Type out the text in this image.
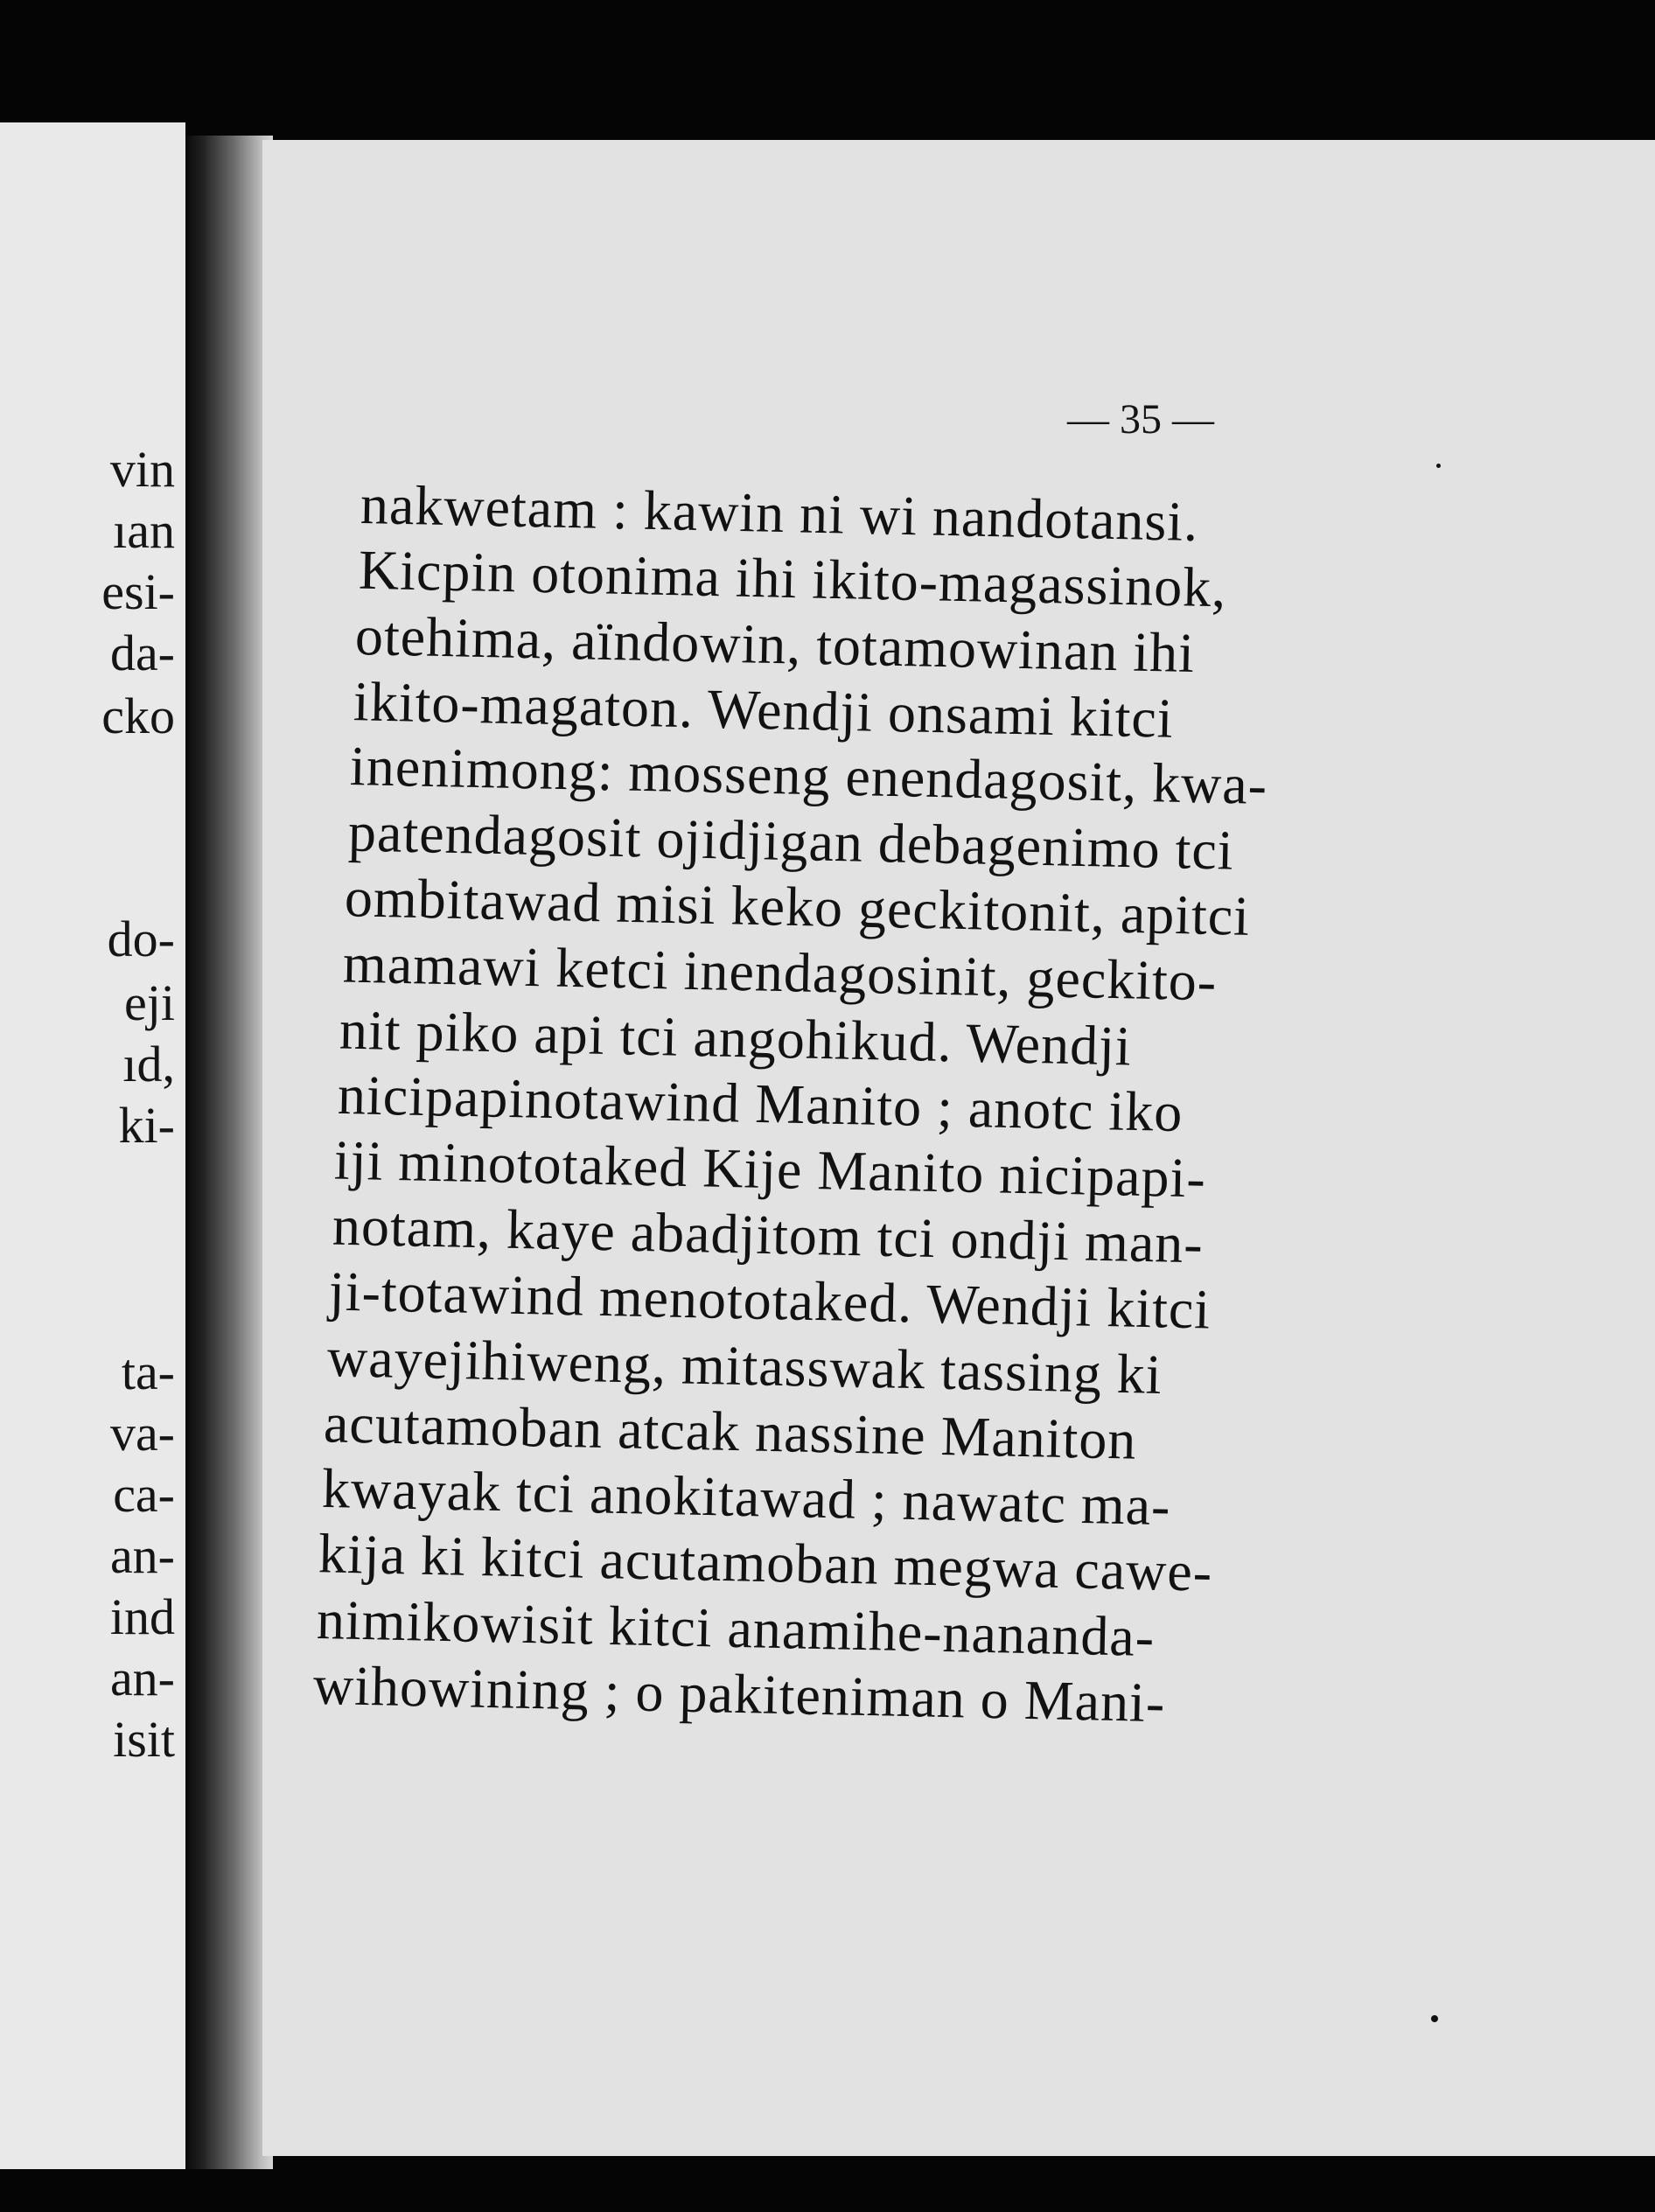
vin
ıan
esi-
da-
cko
do-
eji
ıd,
ki-
ta-
va-
ca-
an-
ind
an-
isit
— 35 —
nakwetam : kawin ni wi nandotansi.
Kicpin otonima ihi ikito-magassinok,
otehima, aïndowin, totamowinan ihi
ikito-magaton. Wendji onsami kitci
inenimong: mosseng enendagosit, kwa-
patendagosit ojidjigan debagenimo tci
ombitawad misi keko geckitonit, apitci
mamawi ketci inendagosinit, geckito-
nit piko api tci angohikud. Wendji
nicipapinotawind Manito ; anotc iko
iji minototaked Kije Manito nicipapi-
notam, kaye abadjitom tci ondji man-
ji-totawind menototaked. Wendji kitci
wayejihiweng, mitasswak tassing ki
acutamoban atcak nassine Maniton
kwayak tci anokitawad ; nawatc ma-
kija ki kitci acutamoban megwa cawe-
nimikowisit kitci anamihe-nananda-
wihowining ; o pakiteniman o Mani-
